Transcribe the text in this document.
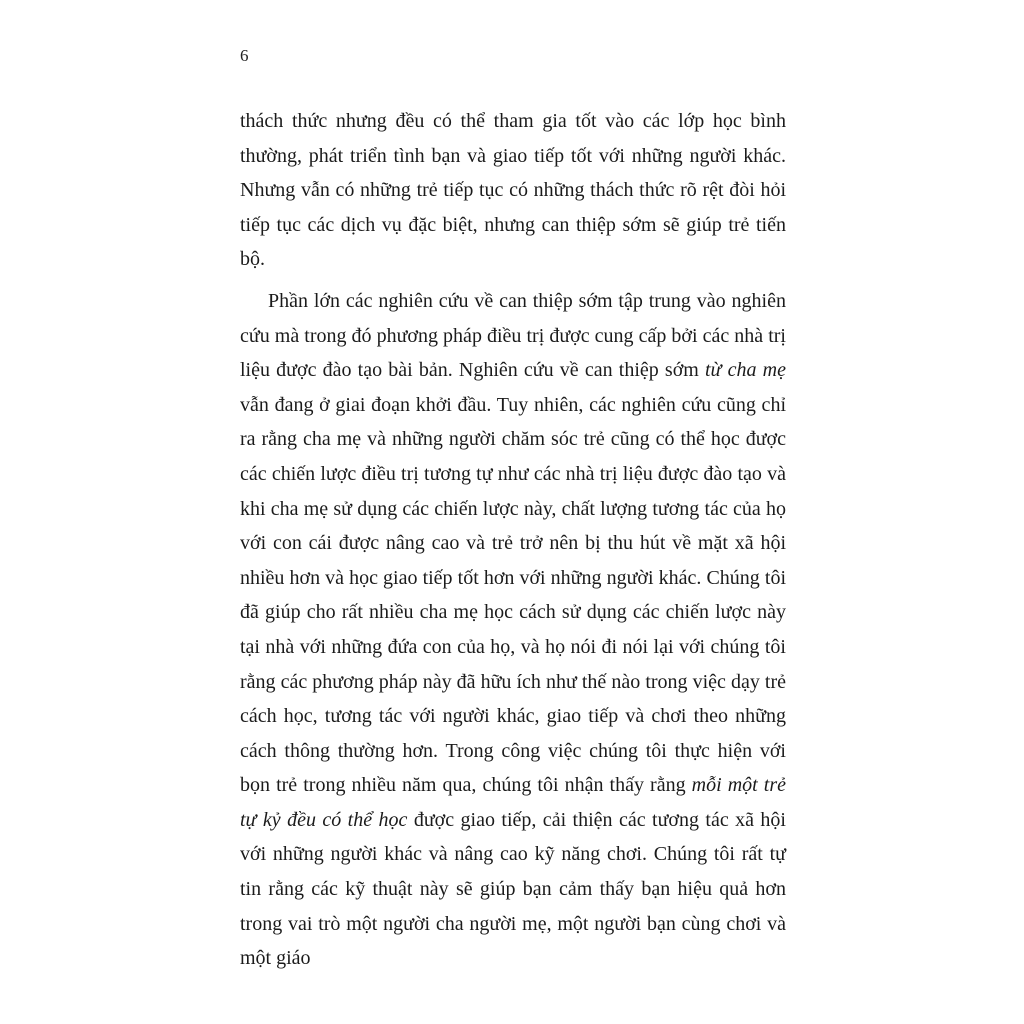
6

thách thức nhưng đều có thể tham gia tốt vào các lớp học bình thường, phát triển tình bạn và giao tiếp tốt với những người khác. Nhưng vẫn có những trẻ tiếp tục có những thách thức rõ rệt đòi hỏi tiếp tục các dịch vụ đặc biệt, nhưng can thiệp sớm sẽ giúp trẻ tiến bộ.

Phần lớn các nghiên cứu về can thiệp sớm tập trung vào nghiên cứu mà trong đó phương pháp điều trị được cung cấp bởi các nhà trị liệu được đào tạo bài bản. Nghiên cứu về can thiệp sớm từ cha mẹ vẫn đang ở giai đoạn khởi đầu. Tuy nhiên, các nghiên cứu cũng chỉ ra rằng cha mẹ và những người chăm sóc trẻ cũng có thể học được các chiến lược điều trị tương tự như các nhà trị liệu được đào tạo và khi cha mẹ sử dụng các chiến lược này, chất lượng tương tác của họ với con cái được nâng cao và trẻ trở nên bị thu hút về mặt xã hội nhiều hơn và học giao tiếp tốt hơn với những người khác. Chúng tôi đã giúp cho rất nhiều cha mẹ học cách sử dụng các chiến lược này tại nhà với những đứa con của họ, và họ nói đi nói lại với chúng tôi rằng các phương pháp này đã hữu ích như thế nào trong việc dạy trẻ cách học, tương tác với người khác, giao tiếp và chơi theo những cách thông thường hơn. Trong công việc chúng tôi thực hiện với bọn trẻ trong nhiều năm qua, chúng tôi nhận thấy rằng mỗi một trẻ tự kỷ đều có thể học được giao tiếp, cải thiện các tương tác xã hội với những người khác và nâng cao kỹ năng chơi. Chúng tôi rất tự tin rằng các kỹ thuật này sẽ giúp bạn cảm thấy bạn hiệu quả hơn trong vai trò một người cha người mẹ, một người bạn cùng chơi và một giáo
